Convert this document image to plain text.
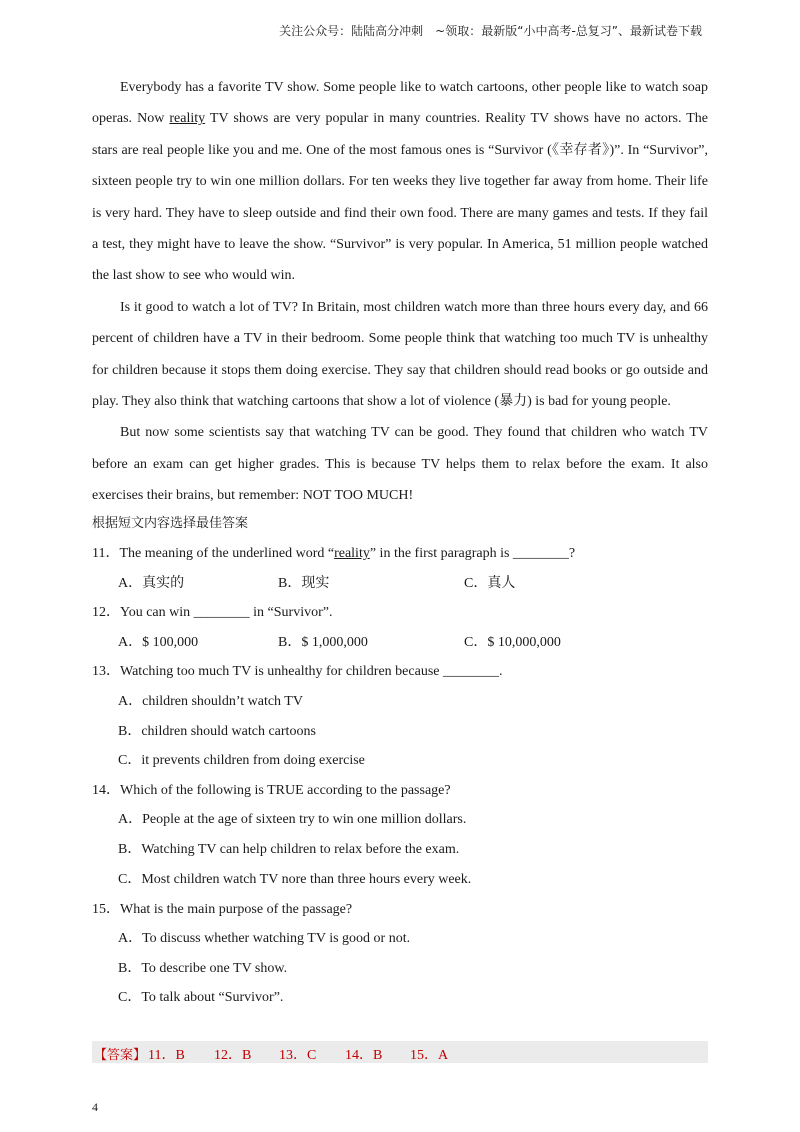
关注公众号：陆陆高分冲刺　~领取：最新版“小中高考-总复习”、最新试卷下载

Everybody has a favorite TV show. Some people like to watch cartoons, other people like to watch soap operas. Now reality TV shows are very popular in many countries. Reality TV shows have no actors. The stars are real people like you and me. One of the most famous ones is “Survivor (《幸存者》)”. In “Survivor”, sixteen people try to win one million dollars. For ten weeks they live together far away from home. Their life is very hard. They have to sleep outside and find their own food. There are many games and tests. If they fail a test, they might have to leave the show. “Survivor” is very popular. In America, 51 million people watched the last show to see who would win.

Is it good to watch a lot of TV? In Britain, most children watch more than three hours every day, and 66 percent of children have a TV in their bedroom. Some people think that watching too much TV is unhealthy for children because it stops them doing exercise. They say that children should read books or go outside and play. They also think that watching cartoons that show a lot of violence (暴力) is bad for young people.

But now some scientists say that watching TV can be good. They found that children who watch TV before an exam can get higher grades. This is because TV helps them to relax before the exam. It also exercises their brains, but remember: NOT TOO MUCH!

根据短文内容选择最佳答案
11．The meaning of the underlined word “reality” in the first paragraph is ________?
A．真实的	B．现实	C．真人
12．You can win ________ in “Survivor”.
A．$ 100,000	B．$ 1,000,000	C．$ 10,000,000
13．Watching too much TV is unhealthy for children because ________.
A．children shouldn’t watch TV
B．children should watch cartoons
C．it prevents children from doing exercise
14．Which of the following is TRUE according to the passage?
A．People at the age of sixteen try to win one million dollars.
B．Watching TV can help children to relax before the exam.
C．Most children watch TV nore than three hours every week.
15．What is the main purpose of the passage?
A．To discuss whether watching TV is good or not.
B．To describe one TV show.
C．To talk about “Survivor”.
【答案】 11．B 12．B 13．C 14．B 15．A
4
